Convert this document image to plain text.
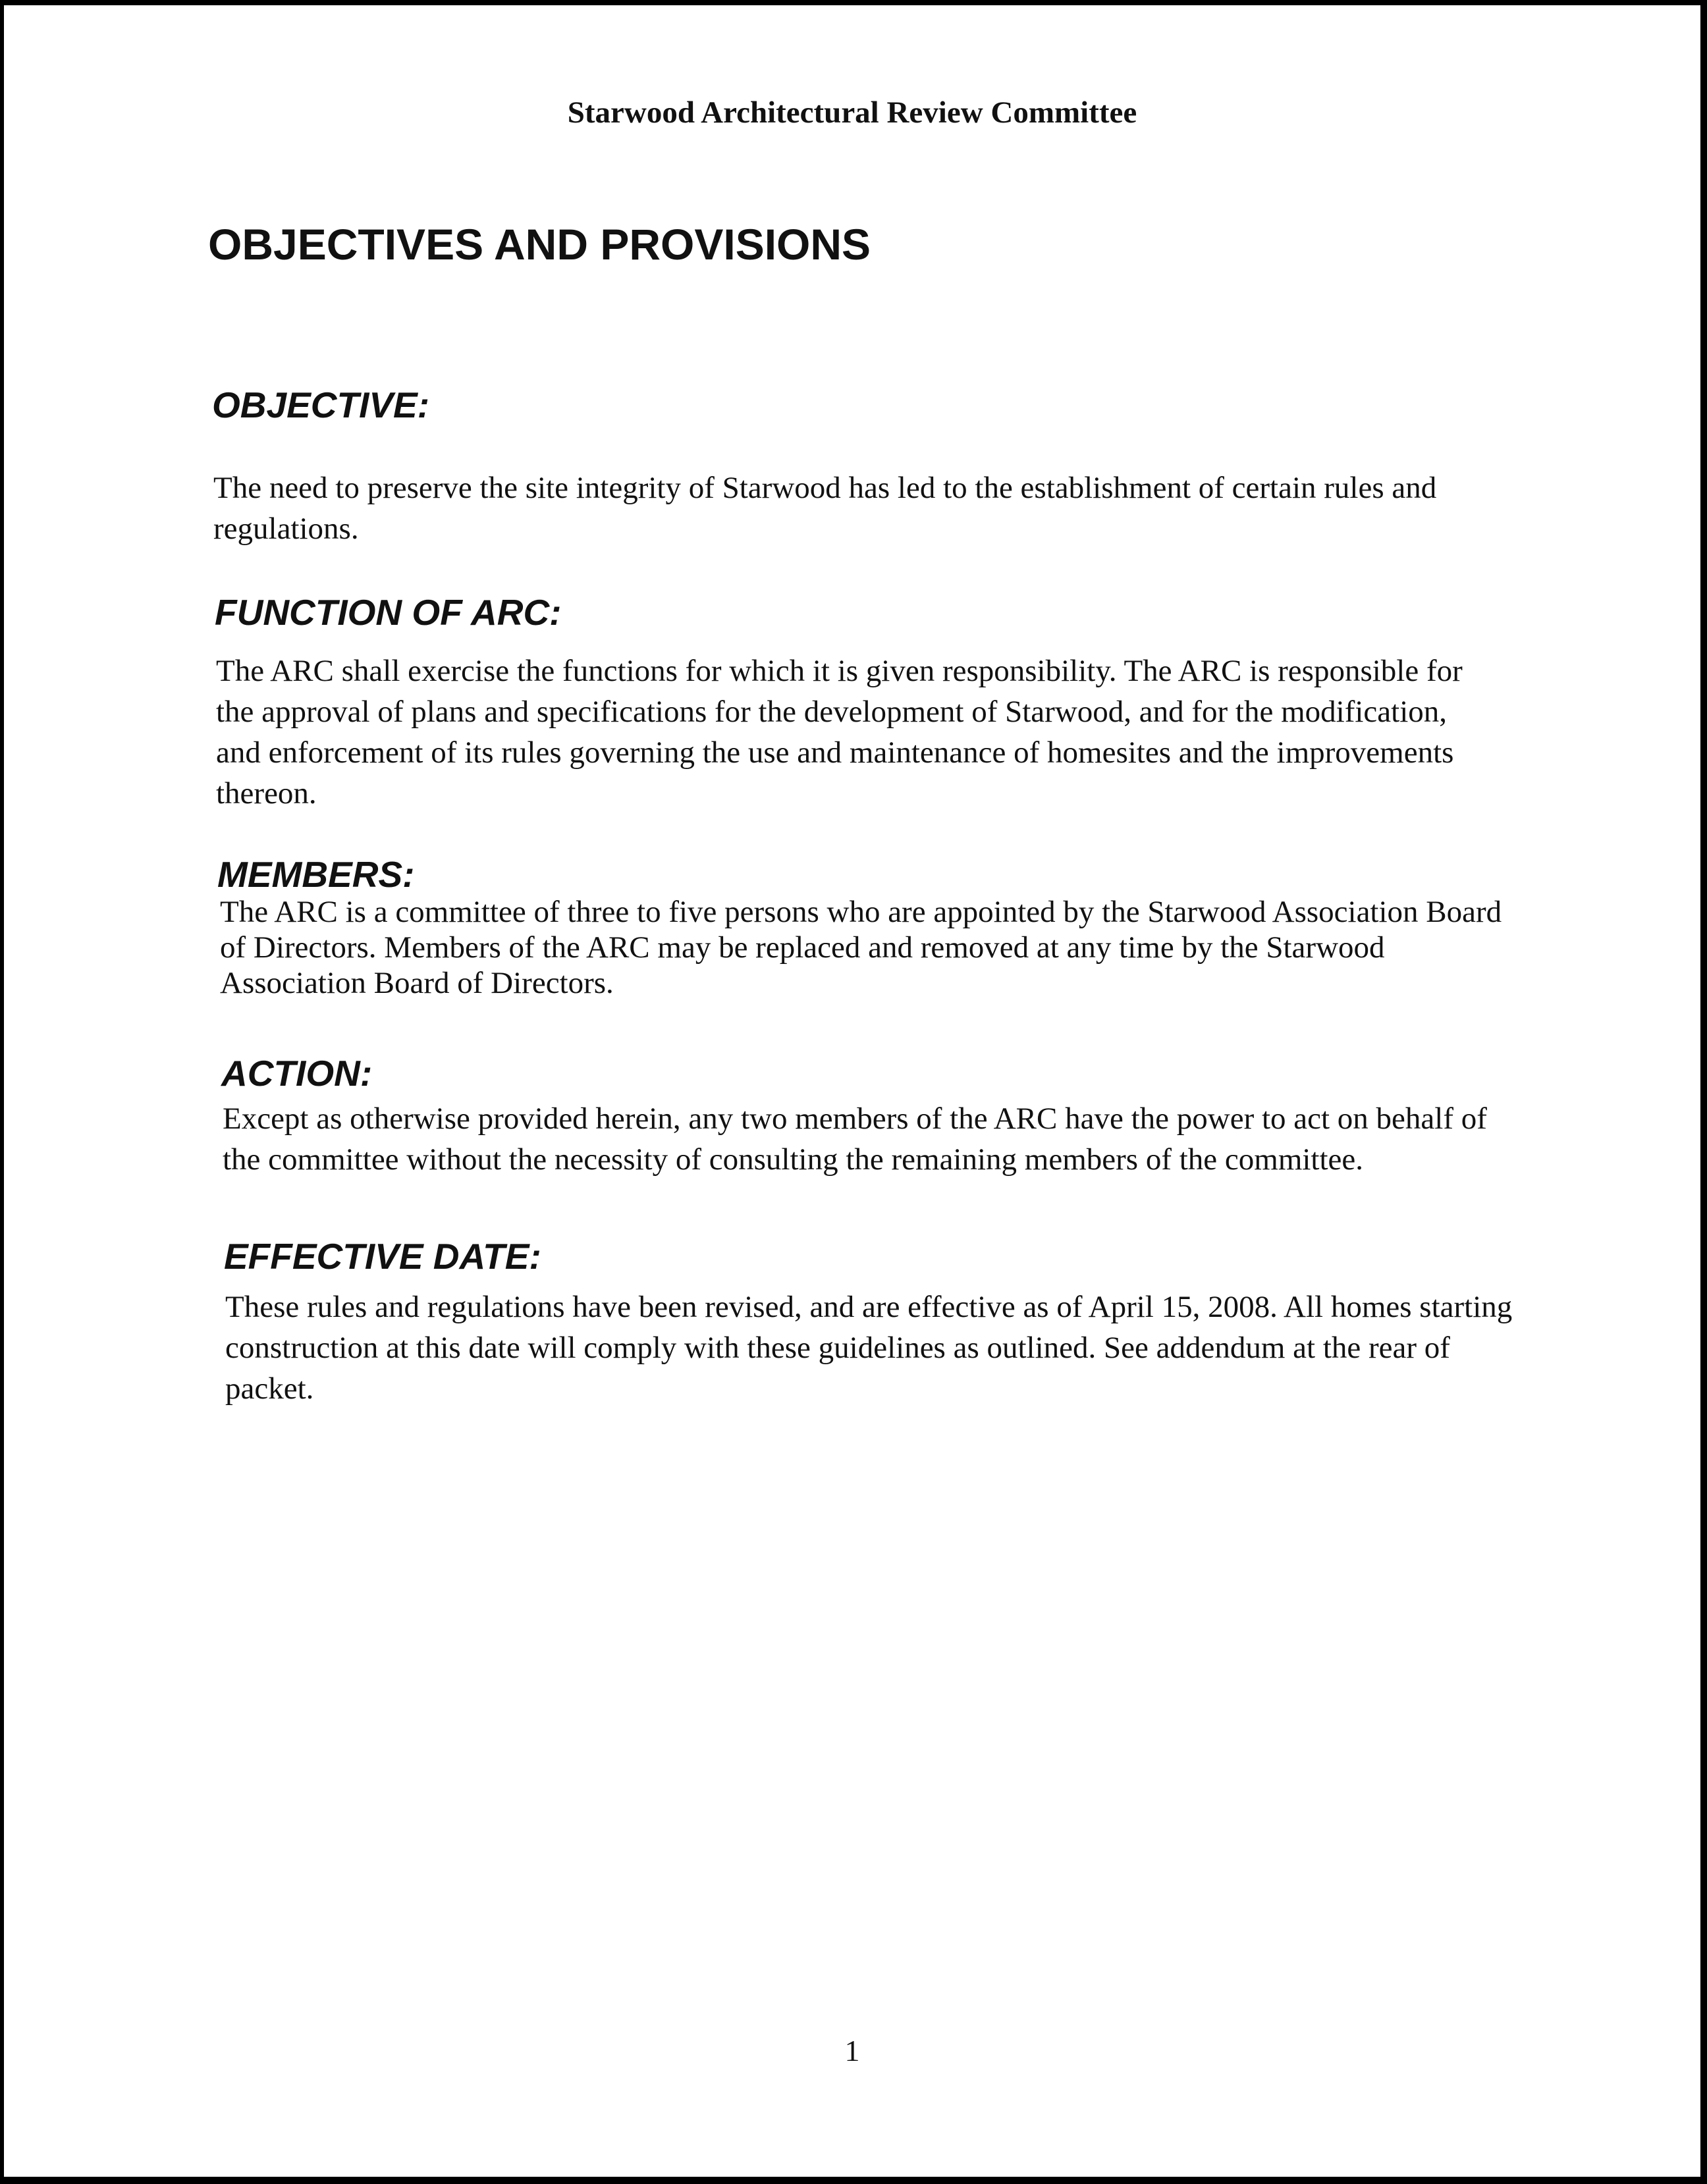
Starwood Architectural Review Committee
OBJECTIVES AND PROVISIONS
OBJECTIVE:

The need to preserve the site integrity of Starwood has led to the establishment of certain rules and regulations.

FUNCTION OF ARC:

The ARC shall exercise the functions for which it is given responsibility. The ARC is responsible for the approval of plans and specifications for the development of Starwood, and for the modification, and enforcement of its rules governing the use and maintenance of homesites and the improvements thereon.

MEMBERS:

The ARC is a committee of three to five persons who are appointed by the Starwood Association Board of Directors. Members of the ARC may be replaced and removed at any time by the Starwood Association Board of Directors.

ACTION:

Except as otherwise provided herein, any two members of the ARC have the power to act on behalf of the committee without the necessity of consulting the remaining members of the committee.

EFFECTIVE DATE:

These rules and regulations have been revised, and are effective as of April 15, 2008. All homes starting construction at this date will comply with these guidelines as outlined. See addendum at the rear of packet.

1
